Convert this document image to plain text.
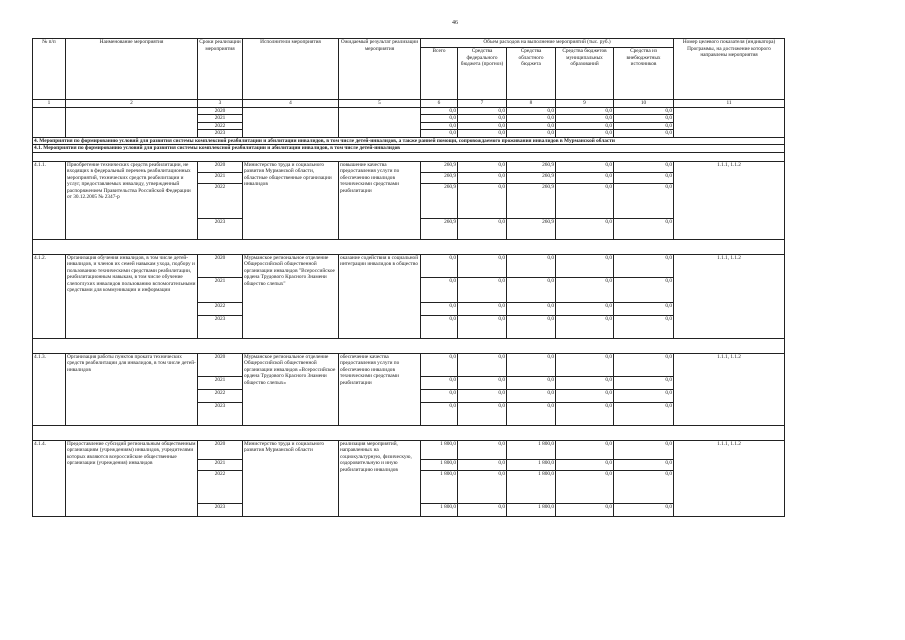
46
№ п/п	Наименование мероприятия	Сроки реализации мероприятия	Исполнители мероприятия	Ожидаемый результат реализации мероприятия	Объем расходов на выполнение мероприятий (тыс. руб.)					Номер целевого показателя (индикатора) Программы, на достижение которого направлены мероприятия
					Всего	Средства федерального бюджета (прогноз)	Средства областного бюджета	Средства бюджетов муниципальных образований	Средства из внебюджетных источников	
1	2	3	4	5	6	7	8	9	10	11
		2020			0,0	0,0	0,0	0,0	0,0	
		2021			0,0	0,0	0,0	0,0	0,0	
		2022			0,0	0,0	0,0	0,0	0,0	
		2023			0,0	0,0	0,0	0,0	0,0	
4. Мероприятия по формированию условий для развития системы комплексной реабилитации и абилитации инвалидов, в том числе детей-инвалидов, а также ранней помощи, сопровождаемого проживания инвалидов в Мурманской области										
4.1. Мероприятия по формированию условий для развития системы комплексной реабилитации и абилитации инвалидов, в том числе детей-инвалидов										

4.1.1.	Приобретение технических средств реабилитации, не входящих в федеральный перечень реабилитационных мероприятий, технических средств реабилитации и услуг, предоставляемых инвалиду, утвержденный распоряжением Правительства Российской Федерации от 30.12.2005 № 2347-р	2020	Министерство труда и социального развития Мурманской области, областные общественные организации инвалидов	повышение качества предоставления услуги по обеспечению инвалидов техническими средствами реабилитации	260,9	0,0	260,9	0,0	0,0	1.1.1, 1.1.2
		2021			260,9	0,0	260,9	0,0	0,0	
		2022			260,9	0,0	260,9	0,0	0,0	
		2023			260,9	0,0	260,9	0,0	0,0	

4.1.2.	Организация обучения инвалидов, в том числе детей-инвалидов, и членов их семей навыкам ухода, подбору и пользованию техническими средствами реабилитации, реабилитационным навыкам, в том числе обучение слепоглухих инвалидов пользованию вспомогательными средствами для коммуникации и информации	2020	Мурманское региональное отделение Общероссийской общественной организации инвалидов "Всероссийское ордена Трудового Красного Знамени общество слепых"	оказание содействия в социальной интеграции инвалидов в общество	0,0	0,0	0,0	0,0	0,0	1.1.1, 1.1.2
		2021			0,0	0,0	0,0	0,0	0,0	
		2022			0,0	0,0	0,0	0,0	0,0	
		2023			0,0	0,0	0,0	0,0	0,0	

4.1.3.	Организация работы пунктов проката технических средств реабилитации для инвалидов, в том числе детей-инвалидов	2020	Мурманское региональное отделение Общероссийской общественной организации инвалидов «Всероссийское ордена Трудового Красного Знамени общество слепых»	обеспечение качества предоставления услуги по обеспечению инвалидов техническими средствами реабилитации	0,0	0,0	0,0	0,0	0,0	1.1.1, 1.1.2
		2021			0,0	0,0	0,0	0,0	0,0	
		2022			0,0	0,0	0,0	0,0	0,0	
		2023			0,0	0,0	0,0	0,0	0,0	

4.1.4.	Предоставление субсидий региональным общественным организациям (учреждениям) инвалидов, учредителями которых являются всероссийские общественные организации (учреждения) инвалидов	2020	Министерство труда и социального развития Мурманской области	реализация мероприятий, направленных на социокультурную, физическую, оздоровительную и иную реабилитацию инвалидов	1 800,0	0,0	1 800,0	0,0	0,0	1.1.1, 1.1.2
		2021			1 800,0	0,0	1 800,0	0,0	0,0	
		2022			1 800,0	0,0	1 800,0	0,0	0,0	
		2023			1 800,0	0,0	1 800,0	0,0	0,0	
